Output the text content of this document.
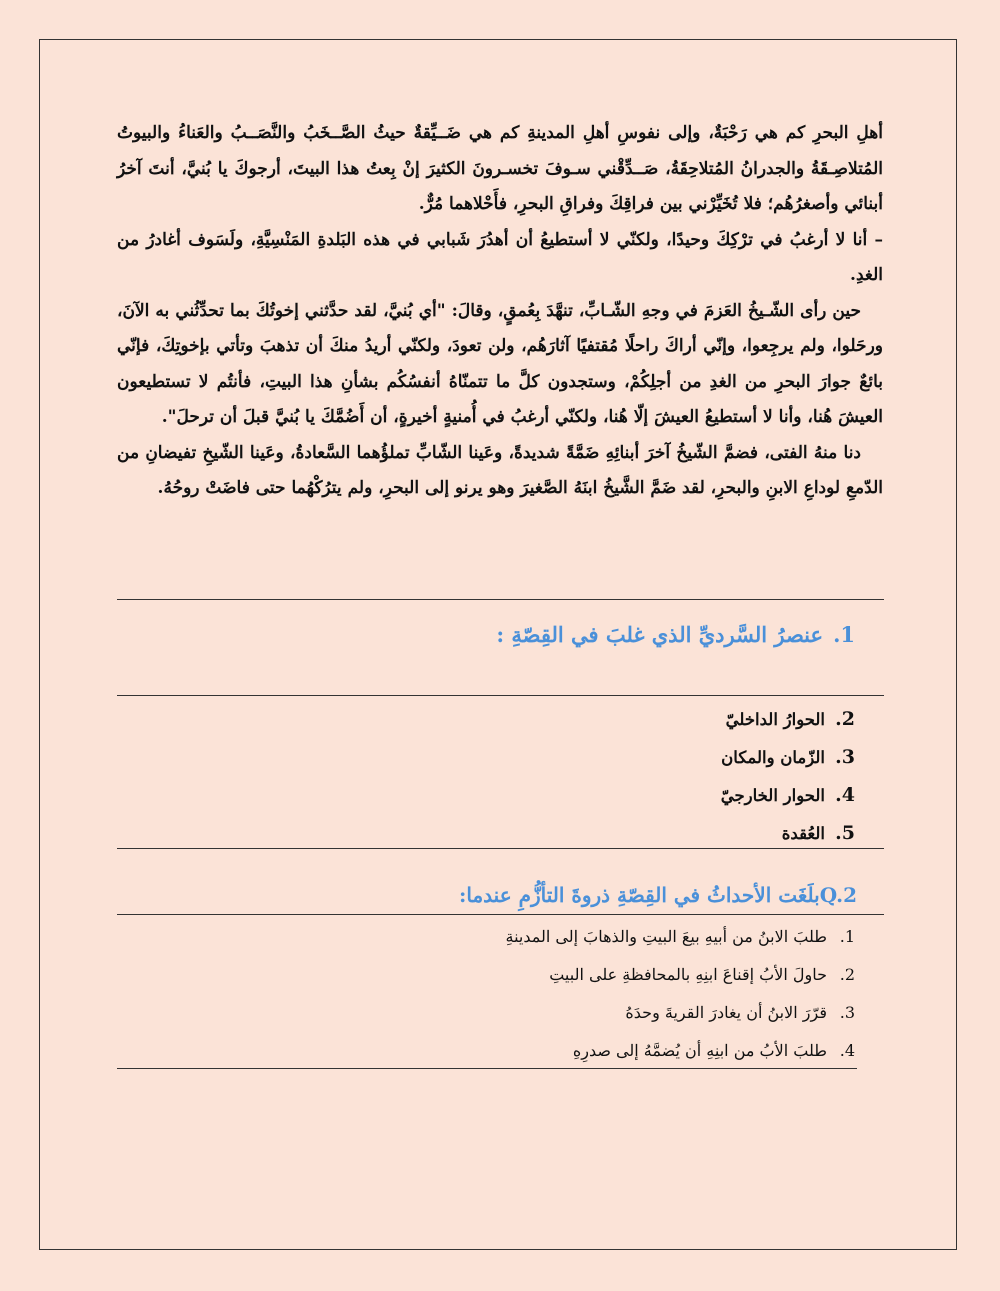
أهلِ البحرِ كم هي رَحْبَةٌ، وإلى نفوسِ أهلِ المدينةِ كم هي ضَــيِّقةٌ حيثُ الصَّــخَبُ والنَّصَــبُ والعَناءُ والبيوتُ المُتلاصِـقَةُ والجدرانُ المُتلاحِقَةُ، صَــدِّقْني سـوفَ تخسـرونَ الكثيرَ إنْ بِعتُ هذا البيتَ، أرجوكَ يا بُنيَّ، أنتَ آخرُ أبنائي وأصغرُهُم؛ فلا تُخَيِّرْني بين فراقِكَ وفراقِ البحرِ، فأَحْلاهما مُرٌّ.

– أنا لا أرغبُ في ترْكِكَ وحيدًا، ولكنّي لا أستطيعُ أن أهدُرَ شَبابي في هذه البَلدةِ المَنْسِيَّةِ، ولَسَوف أغادرُ من الغدِ.

حين رأى الشّـيخُ العَزمَ في وجهِ الشّـابِّ، تنهَّدَ بِعُمقٍ، وقالَ: "أي بُنيَّ، لقد حدَّثني إخوتُكَ بما تحدِّثُني به الآنَ، ورحَلوا، ولم يرجِعوا، وإنّي أراكَ راحلًا مُقتفيًا آثارَهُم، ولن تعودَ، ولكنّي أريدُ منكَ أن تذهبَ وتأتي بإخوتِكَ، فإنّي بائعٌ جوارَ البحرِ من الغدِ من أجلِكُمْ، وستجدون كلَّ ما تتمنّاهُ أنفسُكُم بشأنِ هذا البيتِ، فأنتُم لا تستطيعون العيشَ هُنا، وأنا لا أستطيعُ العيشَ إلّا هُنا، ولكنّي أرغبُ في أُمنيةٍ أخيرةٍ، أن أَضُمَّكَ يا بُنيَّ قبلَ أن ترحلَ".

دنا منهُ الفتى، فضمَّ الشّيخُ آخرَ أبنائِهِ ضَمَّةً شديدةً، وعَينا الشّابِّ تملؤُهما السَّعادةُ، وعَينا الشّيخِ تفيضانِ من الدّمعِ لوداعِ الابنِ والبحرِ، لقد ضَمَّ الشَّيخُ ابنَهُ الصَّغيرَ وهو يرنو إلى البحرِ، ولم يترُكْهُما حتى فاضَتْ روحُهُ.

1.عنصرُ السَّرديِّ الذي غلبَ في القِصّةِ :
2.الحوارُ الداخليّ
3.الزّمان والمكان
4.الحوار الخارجيّ
5.العُقدة
Q.2بلَغَت الأحداثُ في القِصّةِ ذروةَ التأزُّمِ عندما:
1.طلبَ الابنُ من أبيهِ بيعَ البيتِ والذهابَ إلى المدينةِ
2.حاولَ الأبُ إقناعَ ابنِهِ بالمحافظةِ على البيتِ
3.قرّرَ الابنُ أن يغادرَ القريةَ وحدَهُ
4.طلبَ الأبُ من ابنِهِ أن يُضمَّهُ إلى صدرِهِ
